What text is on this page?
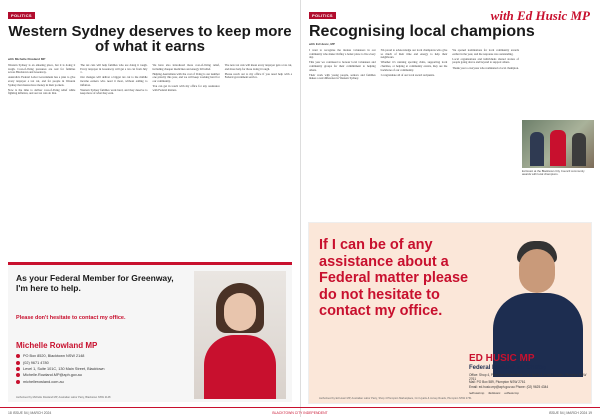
POLITICS
Western Sydney deserves to keep more of what it earns
with Michelle Rowland MP

Western Sydney is an amazing place, but it is doing it tough. Cost-of-living pressures are real for families across Blacktown and Greenway.

Australia's Federal Labor Government has a plan to give every taxpayer a tax cut, and for people in Western Sydney that means more money in their pockets.

Now is the time to deliver cost-of-living relief while fighting inflation, and our tax cuts do that.

The tax cuts will help families who are doing it tough. Every taxpayer in Greenway will get a tax cut from July 1.

Our changes will deliver a bigger tax cut to the middle income earners who need it most, without adding to inflation.

Western Sydney families work hard, and they deserve to keep more of what they earn.

We have also introduced more cost-of-living relief, including cheaper medicines and energy bill relief.

Helping Australians with the cost of living is our number one priority this year, and we will keep working hard for our community.

You can get in touch with my office for any assistance with Federal matters.

The new tax cuts will mean every taxpayer gets a tax cut, and more help for those doing it tough.

Please reach out to my office if you need help with a Federal government service.

As your Federal Member for Greenway, I'm here to help.
Please don't hesitate to contact my office.
Michelle Rowland MP
PO Box 8520, Blacktown NSW 2148
(02) 9671 4780
Level 1, Suite 101C, 130 Main Street, Blacktown
Michelle.Rowland.MP@aph.gov.au
michellerowland.com.au
Authorised by Michelle Rowland MP, Australian Labor Party, Blacktown NSW 2148
POLITICS
Recognising local champions
with Ed Husic MP
with Ed Husic, MP

I want to recognise the tireless volunteers in our community who make Chifley a better place to live every day.

This year we continued to honour local volunteers and community groups for their commitment to helping others.

Their work with young people, seniors and families makes a real difference in Western Sydney.

I'm proud to acknowledge our local champions who give so much of their time and energy to help their neighbours.

Whether it's running sporting clubs, supporting local charities, or helping at community events, they are the backbone of our community.

I congratulate all of our local award recipients.

We opened nominations for local community awards earlier in the year, and the response was outstanding.

Local organisations and individuals shared stories of people going above and beyond to support others.

Thank you to everyone who nominated a local champion.

Ed Husic at the Blacktown City Council community awards with local champions.
If I can be of any assistance about a Federal matter please do not hesitate to contact my office.
ED HUSIC MP
Federal Member for Chifley
Office: Shop 4, Plumpton Marketplace, Cnr Hyatts & Jersey Roads, Plumpton NSW 2761
Mail: PO Box 589, Plumpton NSW 2761
Email: ed.husic.mp@aph.gov.au Phone: (02) 9625 4344
/edhusicmp /EdHusic edhusicmp
Authorised by Ed Husic MP, Australian Labor Party, Shop 4 Plumpton Marketplace, Cnr Hyatts & Jersey Roads, Plumpton NSW 2761
18 ISSUE 54 | MARCH 2024	BLACKTOWN CITY INDEPENDENT	ISSUE 54 | MARCH 2024 19
